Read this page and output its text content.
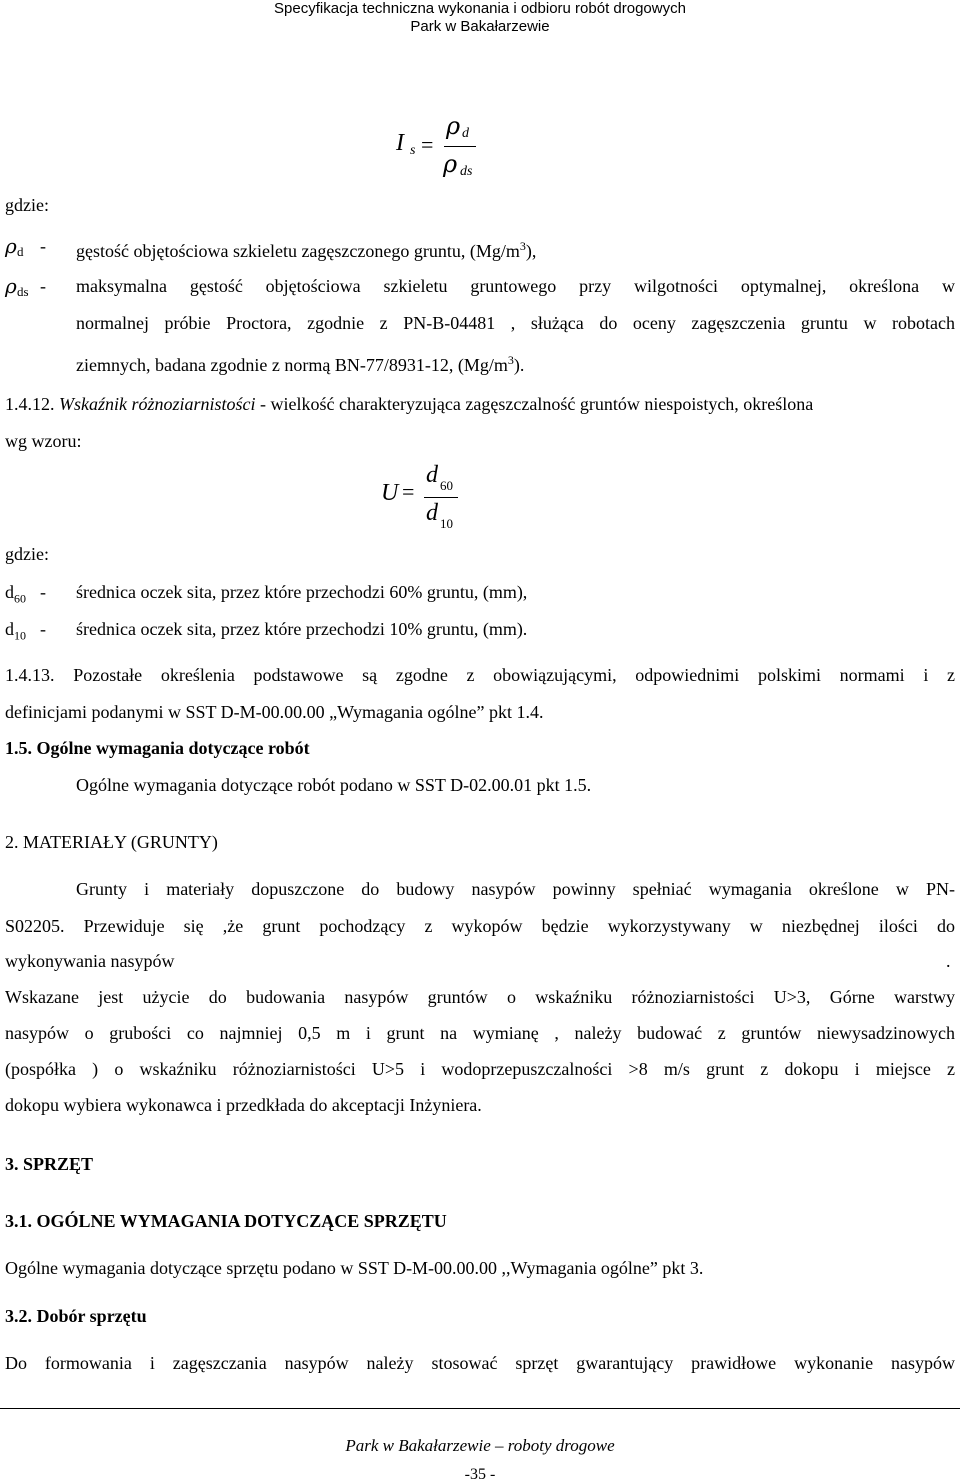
Specyfikacja techniczna wykonania i odbioru robót drogowych
Park w Bakałarzewie
I s =
ρ d
ρ ds
gdzie:
ρ d - gęstość objętościowa szkieletu zagęszczonego gruntu, $(Mg/m^3)$,
ρ ds - maksymalna gęstość objętościowa szkieletu gruntowego przy wilgotności optymalnej, określona w
normalnej próbie Proctora, zgodnie z PN-B-04481 , służąca do oceny zagęszczenia gruntu w robotach
ziemnych, badana zgodnie z normą BN-77/8931-12, $(Mg/m^3)$.
1.4.12. Wskaźnik różnoziarnistości - wielkość charakteryzująca zagęszczalność gruntów niespoistych, określona
wg wzoru:
U =
d 60
d 10
gdzie:
$d_{60}$ - średnica oczek sita, przez które przechodzi 60% gruntu, (mm),
$d_{10}$ - średnica oczek sita, przez które przechodzi 10% gruntu, (mm).
1.4.13. Pozostałe określenia podstawowe są zgodne z obowiązującymi, odpowiednimi polskimi normami i z
definicjami podanymi w SST D-M-00.00.00 „Wymagania ogólne” pkt 1.4.
1.5. Ogólne wymagania dotyczące robót
Ogólne wymagania dotyczące robót podano w SST D-02.00.01 pkt 1.5.
2. MATERIAŁY (GRUNTY)
Grunty i materiały dopuszczone do budowy nasypów powinny spełniać wymagania określone w PN-
S02205. Przewiduje się ,że grunt pochodzący z wykopów będzie wykorzystywany w niezbędnej ilości do
wykonywania nasypów	.
Wskazane jest użycie do budowania nasypów gruntów o wskaźniku różnoziarnistości U>3, Górne warstwy
nasypów o grubości co najmniej 0,5 m i grunt na wymianę , należy budować z gruntów niewysadzinowych
(pospółka ) o wskaźniku różnoziarnistości U>5 i wodoprzepuszczalności >8 m/s grunt z dokopu i miejsce z
dokopu wybiera wykonawca i przedkłada do akceptacji Inżyniera.
3. SPRZĘT
3.1. OGÓLNE WYMAGANIA DOTYCZĄCE SPRZĘTU
Ogólne wymagania dotyczące sprzętu podano w SST D-M-00.00.00 ,,Wymagania ogólne” pkt 3.
3.2. Dobór sprzętu
Do formowania i zagęszczania nasypów należy stosować sprzęt gwarantujący prawidłowe wykonanie nasypów
Park w Bakałarzewie – roboty drogowe
-35 -
